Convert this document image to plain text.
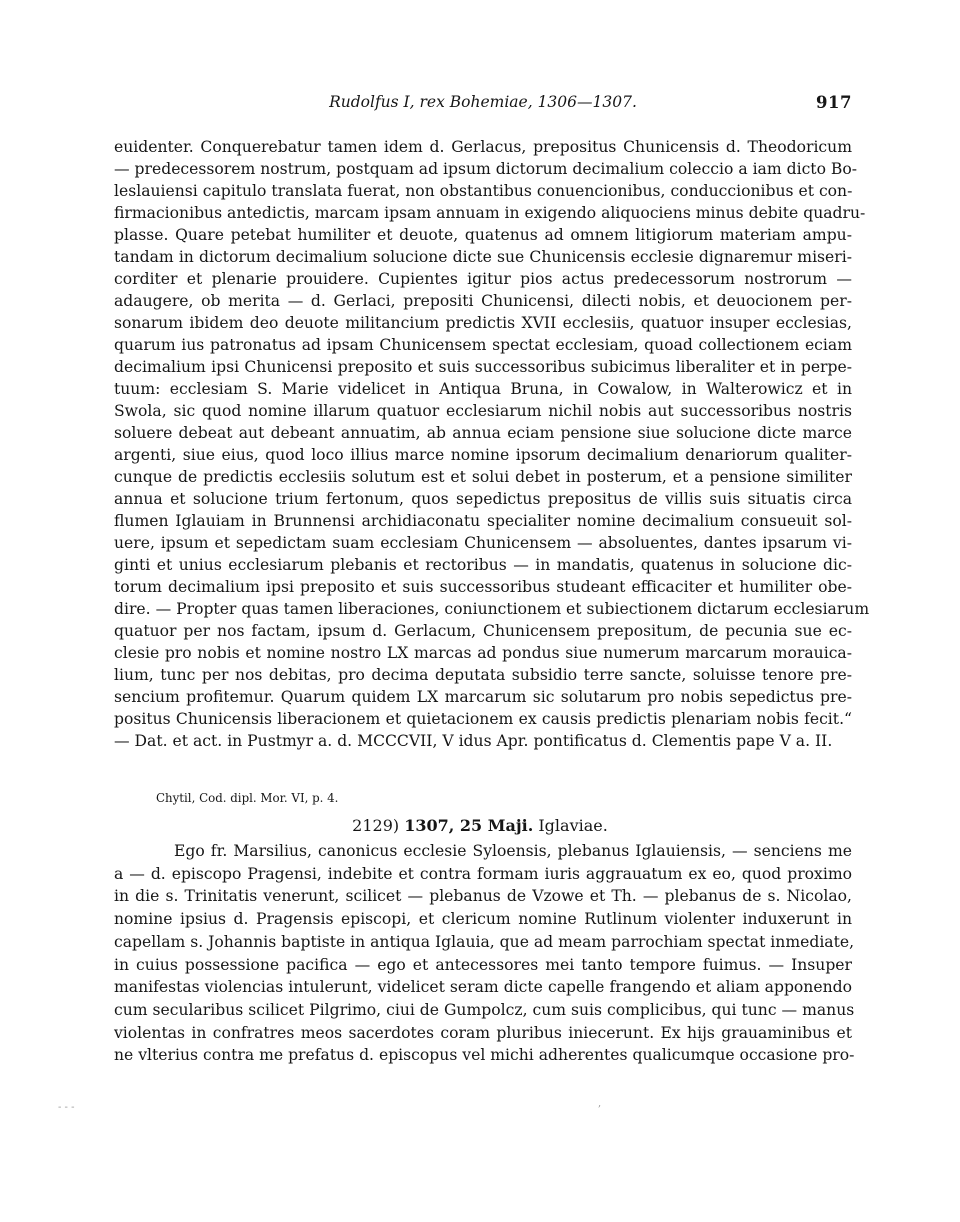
Rudolfus I, rex Bohemiae, 1306—1307.	917
euidenter. Conquerebatur tamen idem d. Gerlacus, prepositus Chunicensis d. Theodoricum
— predecessorem nostrum, postquam ad ipsum dictorum decimalium coleccio a iam dicto Bo-
leslauiensi capitulo translata fuerat, non obstantibus conuencionibus, conduccionibus et con-
firmacionibus antedictis, marcam ipsam annuam in exigendo aliquociens minus debite quadru-
plasse. Quare petebat humiliter et deuote, quatenus ad omnem litigiorum materiam ampu-
tandam in dictorum decimalium solucione dicte sue Chunicensis ecclesie dignaremur miseri-
corditer et plenarie prouidere. Cupientes igitur pios actus predecessorum nostrorum —
adaugere, ob merita — d. Gerlaci, prepositi Chunicensi, dilecti nobis, et deuocionem per-
sonarum ibidem deo deuote militancium predictis XVII ecclesiis, quatuor insuper ecclesias,
quarum ius patronatus ad ipsam Chunicensem spectat ecclesiam, quoad collectionem eciam
decimalium ipsi Chunicensi preposito et suis successoribus subicimus liberaliter et in perpe-
tuum: ecclesiam S. Marie videlicet in Antiqua Bruna, in Cowalow, in Walterowicz et in
Swola, sic quod nomine illarum quatuor ecclesiarum nichil nobis aut successoribus nostris
soluere debeat aut debeant annuatim, ab annua eciam pensione siue solucione dicte marce
argenti, siue eius, quod loco illius marce nomine ipsorum decimalium denariorum qualiter-
cunque de predictis ecclesiis solutum est et solui debet in posterum, et a pensione similiter
annua et solucione trium fertonum, quos sepedictus prepositus de villis suis situatis circa
flumen Iglauiam in Brunnensi archidiaconatu specialiter nomine decimalium consueuit sol-
uere, ipsum et sepedictam suam ecclesiam Chunicensem — absoluentes, dantes ipsarum vi-
ginti et unius ecclesiarum plebanis et rectoribus — in mandatis, quatenus in solucione dic-
torum decimalium ipsi preposito et suis successoribus studeant efficaciter et humiliter obe-
dire. — Propter quas tamen liberaciones, coniunctionem et subiectionem dictarum ecclesiarum
quatuor per nos factam, ipsum d. Gerlacum, Chunicensem prepositum, de pecunia sue ec-
clesie pro nobis et nomine nostro LX marcas ad pondus siue numerum marcarum morauica-
lium, tunc per nos debitas, pro decima deputata subsidio terre sancte, soluisse tenore pre-
sencium profitemur. Quarum quidem LX marcarum sic solutarum pro nobis sepedictus pre-
positus Chunicensis liberacionem et quietacionem ex causis predictis plenariam nobis fecit.“
— Dat. et act. in Pustmyr a. d. MCCCVII, V idus Apr. pontificatus d. Clementis pape V a. II.
Chytil, Cod. dipl. Mor. VI, p. 4.
2129) 1307, 25 Maji. Iglaviae.
Ego fr. Marsilius, canonicus ecclesie Syloensis, plebanus Iglauiensis, — senciens me
a — d. episcopo Pragensi, indebite et contra formam iuris aggrauatum ex eo, quod proximo
in die s. Trinitatis venerunt, scilicet — plebanus de Vzowe et Th. — plebanus de s. Nicolao,
nomine ipsius d. Pragensis episcopi, et clericum nomine Rutlinum violenter induxerunt in
capellam s. Johannis baptiste in antiqua Iglauia, que ad meam parrochiam spectat inmediate,
in cuius possessione pacifica — ego et antecessores mei tanto tempore fuimus. — Insuper
manifestas violencias intulerunt, videlicet seram dicte capelle frangendo et aliam apponendo
cum secularibus scilicet Pilgrimo, ciui de Gumpolcz, cum suis complicibus, qui tunc — manus
violentas in confratres meos sacerdotes coram pluribus iniecerunt. Ex hijs grauaminibus et
ne vlterius contra me prefatus d. episcopus vel michi adherentes qualicumque occasione pro-
- - -	,
